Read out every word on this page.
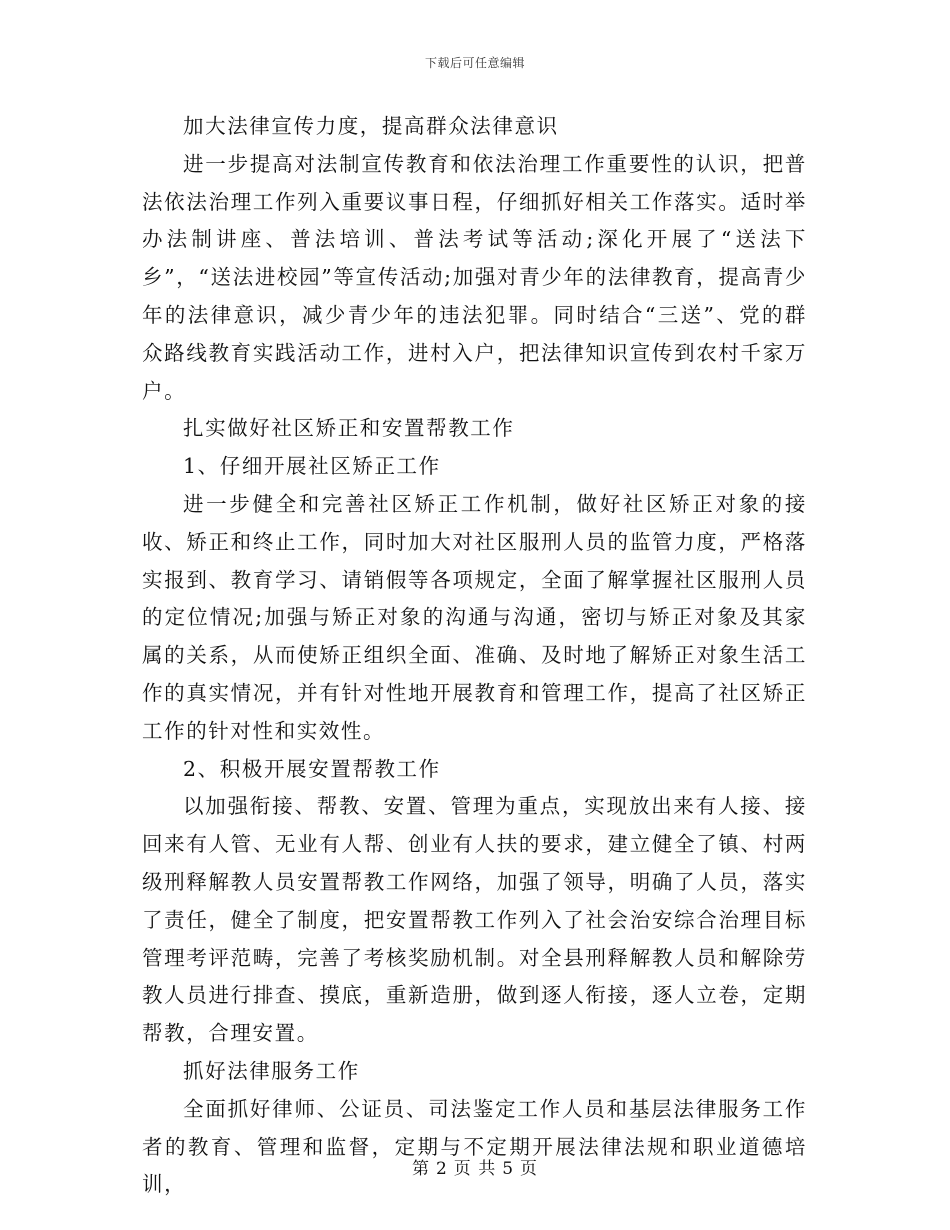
下载后可任意编辑

加大法律宣传力度，提高群众法律意识

进一步提高对法制宣传教育和依法治理工作重要性的认识，把普法依法治理工作列入重要议事日程，仔细抓好相关工作落实。适时举办法制讲座、普法培训、普法考试等活动;深化开展了“送法下乡”，“送法进校园”等宣传活动;加强对青少年的法律教育，提高青少年的法律意识，减少青少年的违法犯罪。同时结合“三送”、党的群众路线教育实践活动工作，进村入户，把法律知识宣传到农村千家万户。

扎实做好社区矫正和安置帮教工作

1、仔细开展社区矫正工作

进一步健全和完善社区矫正工作机制，做好社区矫正对象的接收、矫正和终止工作，同时加大对社区服刑人员的监管力度，严格落实报到、教育学习、请销假等各项规定，全面了解掌握社区服刑人员的定位情况;加强与矫正对象的沟通与沟通，密切与矫正对象及其家属的关系，从而使矫正组织全面、准确、及时地了解矫正对象生活工作的真实情况，并有针对性地开展教育和管理工作，提高了社区矫正工作的针对性和实效性。

2、积极开展安置帮教工作

以加强衔接、帮教、安置、管理为重点，实现放出来有人接、接回来有人管、无业有人帮、创业有人扶的要求，建立健全了镇、村两级刑释解教人员安置帮教工作网络，加强了领导，明确了人员，落实了责任，健全了制度，把安置帮教工作列入了社会治安综合治理目标管理考评范畴，完善了考核奖励机制。对全县刑释解教人员和解除劳教人员进行排查、摸底，重新造册，做到逐人衔接，逐人立卷，定期帮教，合理安置。

抓好法律服务工作

全面抓好律师、公证员、司法鉴定工作人员和基层法律服务工作者的教育、管理和监督，定期与不定期开展法律法规和职业道德培训，

第 2 页 共 5 页
